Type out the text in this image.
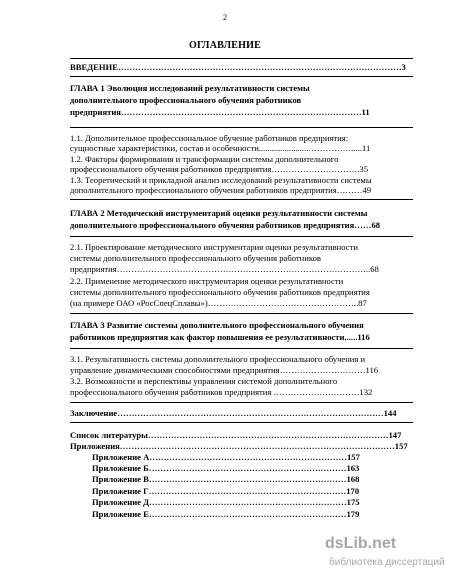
2
ОГЛАВЛЕНИЕ
ВВЕДЕНИЕ………………………………………………………………………………………3
ГЛАВА 1 Эволюция исследований результативности системы
дополнительного профессионального обучения работников
предприятия…………………………………………………………………………11
1.1. Дополнительное профессиональное обучение работников предприятия:
сущностные характеристики, состав и особенности.......................…………….....11
1.2. Факторы формирования и трансформации системы дополнительного
профессионального обучения работников предприятия………………………….35
1.3. Теоретический и прикладной анализ исследований результативности системы
дополнительного профессионального обучения работников предприятия………49
ГЛАВА 2 Методический инструментарий оценки результативности системы
дополнительного профессионального обучения работников предприятия……68
2.1. Проектирование методического инструментария оценки результативности
системы дополнительного профессионального обучения работников
предприятия……………………………………………………………………………..68
2.2. Применение методического инструментария оценки результативности
системы дополнительного профессионального обучения работников предприятия
(на примере ОАО «РосСпецСплавы»)……………………………………………..87
ГЛАВА 3 Развитие системы дополнительного профессионального обучения
работников предприятия как фактор повышения ее результативности......116
3.1. Результативность системы дополнительного профессионального обучения и
управление динамическими способностями предприятия…………………………116
3.2. Возможности и перспективы управления системой дополнительного
профессионального обучения работников предприятия …………………………132
Заключение…………………………………………………………………………………144
Список литературы…………………………………………………………………………147
Приложения……………………………………………………………………………………157
Приложение А……………………………………………………………157
Приложение Б……………………………………………………………163
Приложение В……………………………………………………………168
Приложение Г……………………………………………………………170
Приложение Д……………………………………………………………175
Приложение Е……………………………………………………………179
dsLib.net
библиотека диссертаций
